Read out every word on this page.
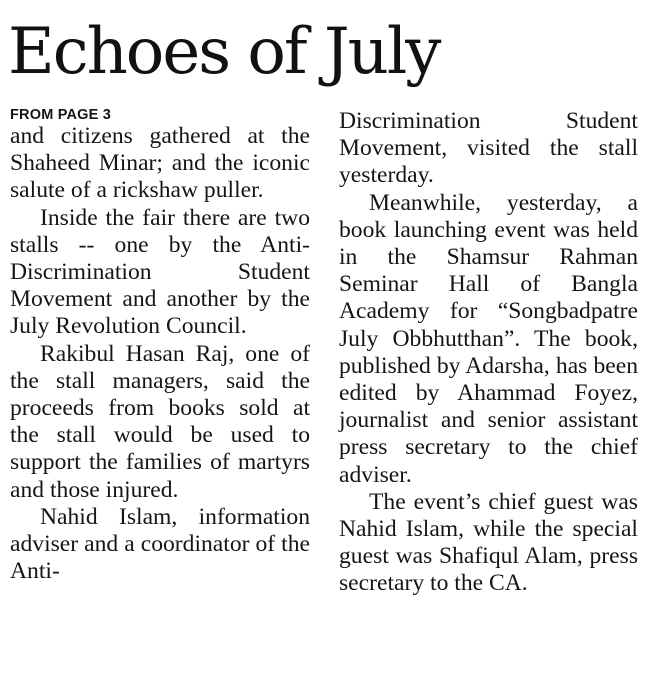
Echoes of July
FROM PAGE 3

and citizens gathered at the Shaheed Minar; and the iconic salute of a rickshaw puller.

Inside the fair there are two stalls -- one by the Anti-Discrimination Student Movement and another by the July Revolution Council.

Rakibul Hasan Raj, one of the stall managers, said the proceeds from books sold at the stall would be used to support the families of martyrs and those injured.

Nahid Islam, information adviser and a coordinator of the Anti-

Discrimination Student Movement, visited the stall yesterday.

Meanwhile, yesterday, a book launching event was held in the Shamsur Rahman Seminar Hall of Bangla Academy for “Songbadpatre July Obbhutthan”. The book, published by Adarsha, has been edited by Ahammad Foyez, journalist and senior assistant press secretary to the chief adviser.

The event’s chief guest was Nahid Islam, while the special guest was Shafiqul Alam, press secretary to the CA.
